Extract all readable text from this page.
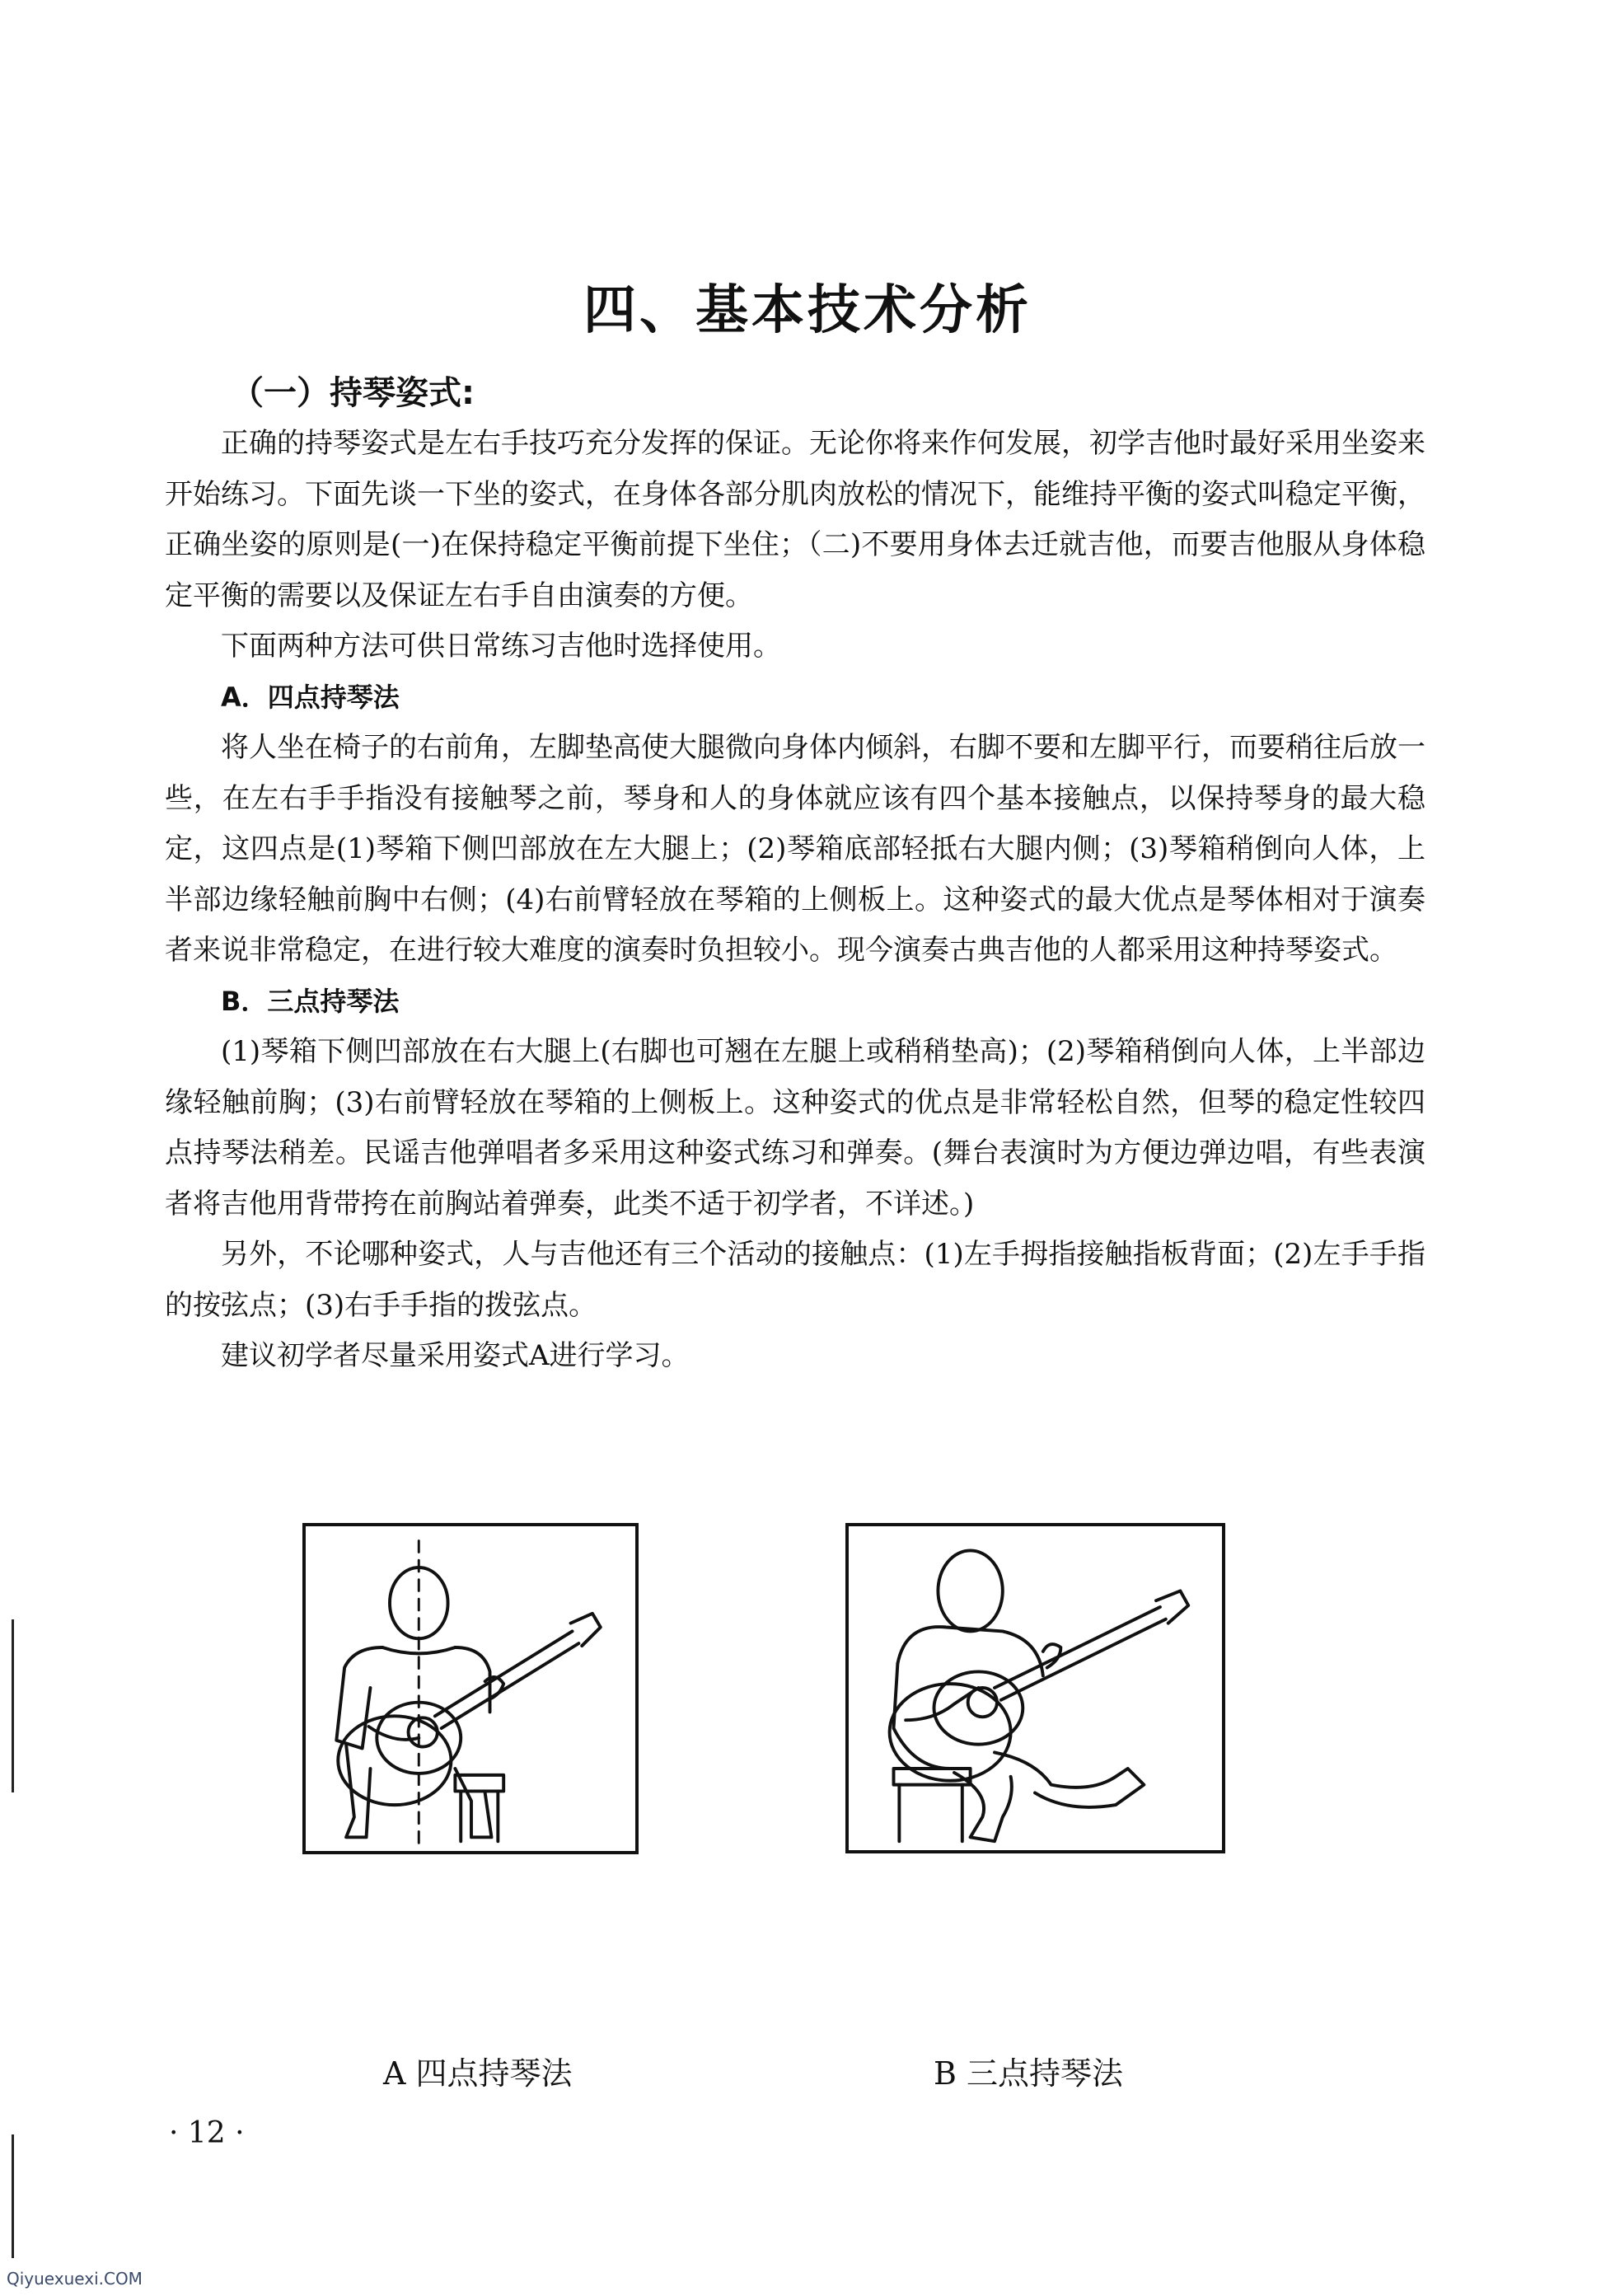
四、基本技术分析
（一）持琴姿式:

正确的持琴姿式是左右手技巧充分发挥的保证。无论你将来作何发展，初学吉他时最好采用坐姿来开始练习。下面先谈一下坐的姿式，在身体各部分肌肉放松的情况下，能维持平衡的姿式叫稳定平衡，正确坐姿的原则是(一)在保持稳定平衡前提下坐住；（二)不要用身体去迁就吉他，而要吉他服从身体稳定平衡的需要以及保证左右手自由演奏的方便。

下面两种方法可供日常练习吉他时选择使用。

A．四点持琴法

将人坐在椅子的右前角，左脚垫高使大腿微向身体内倾斜，右脚不要和左脚平行，而要稍往后放一些，在左右手手指没有接触琴之前，琴身和人的身体就应该有四个基本接触点，以保持琴身的最大稳定，这四点是(1)琴箱下侧凹部放在左大腿上；(2)琴箱底部轻抵右大腿内侧；(3)琴箱稍倒向人体，上半部边缘轻触前胸中右侧；(4)右前臂轻放在琴箱的上侧板上。这种姿式的最大优点是琴体相对于演奏者来说非常稳定，在进行较大难度的演奏时负担较小。现今演奏古典吉他的人都采用这种持琴姿式。

B．三点持琴法

(1)琴箱下侧凹部放在右大腿上(右脚也可翘在左腿上或稍稍垫高)；(2)琴箱稍倒向人体，上半部边缘轻触前胸；(3)右前臂轻放在琴箱的上侧板上。这种姿式的优点是非常轻松自然，但琴的稳定性较四点持琴法稍差。民谣吉他弹唱者多采用这种姿式练习和弹奏。(舞台表演时为方便边弹边唱，有些表演者将吉他用背带挎在前胸站着弹奏，此类不适于初学者，不详述。)

另外，不论哪种姿式，人与吉他还有三个活动的接触点：(1)左手拇指接触指板背面；(2)左手手指的按弦点；(3)右手手指的拨弦点。

建议初学者尽量采用姿式A进行学习。

A 四点持琴法	B 三点持琴法
· 12 ·
Qiyuexuexi.COM
